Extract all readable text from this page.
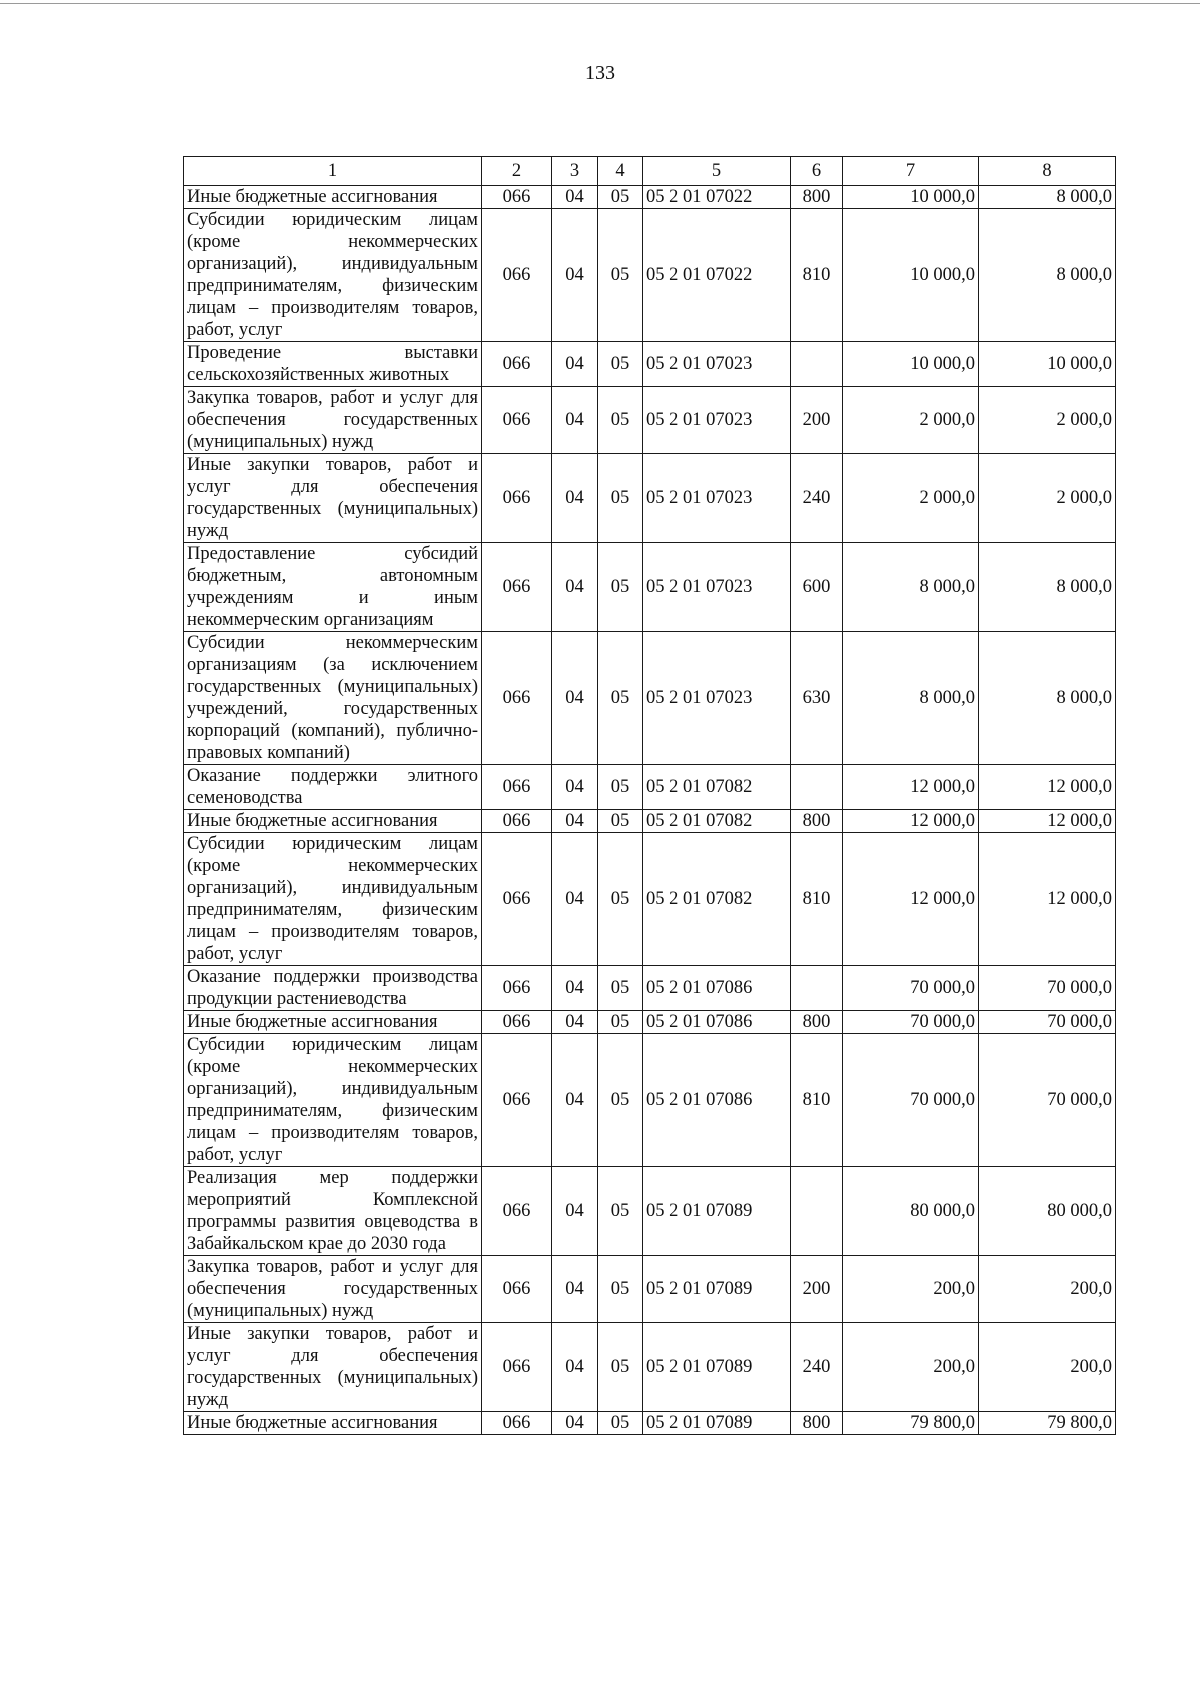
133
1	2	3	4	5	6	7	8
Иные бюджетные ассигнования	066	04	05	05 2 01 07022	800	10 000,0	8 000,0
Субсидии юридическим лицам (кроме некоммерческих организаций), индивидуальным предпринимателям, физическим лицам – производителям товаров, работ, услуг	066	04	05	05 2 01 07022	810	10 000,0	8 000,0
Проведение выставки сельскохозяйственных животных	066	04	05	05 2 01 07023		10 000,0	10 000,0
Закупка товаров, работ и услуг для обеспечения государственных (муниципальных) нужд	066	04	05	05 2 01 07023	200	2 000,0	2 000,0
Иные закупки товаров, работ и услуг для обеспечения государственных (муниципальных) нужд	066	04	05	05 2 01 07023	240	2 000,0	2 000,0
Предоставление субсидий бюджетным, автономным учреждениям и иным некоммерческим организациям	066	04	05	05 2 01 07023	600	8 000,0	8 000,0
Субсидии некоммерческим организациям (за исключением государственных (муниципальных) учреждений, государственных корпораций (компаний), публично-правовых компаний)	066	04	05	05 2 01 07023	630	8 000,0	8 000,0
Оказание поддержки элитного семеноводства	066	04	05	05 2 01 07082		12 000,0	12 000,0
Иные бюджетные ассигнования	066	04	05	05 2 01 07082	800	12 000,0	12 000,0
Субсидии юридическим лицам (кроме некоммерческих организаций), индивидуальным предпринимателям, физическим лицам – производителям товаров, работ, услуг	066	04	05	05 2 01 07082	810	12 000,0	12 000,0
Оказание поддержки производства продукции растениеводства	066	04	05	05 2 01 07086		70 000,0	70 000,0
Иные бюджетные ассигнования	066	04	05	05 2 01 07086	800	70 000,0	70 000,0
Субсидии юридическим лицам (кроме некоммерческих организаций), индивидуальным предпринимателям, физическим лицам – производителям товаров, работ, услуг	066	04	05	05 2 01 07086	810	70 000,0	70 000,0
Реализация мер поддержки мероприятий Комплексной программы развития овцеводства в Забайкальском крае до 2030 года	066	04	05	05 2 01 07089		80 000,0	80 000,0
Закупка товаров, работ и услуг для обеспечения государственных (муниципальных) нужд	066	04	05	05 2 01 07089	200	200,0	200,0
Иные закупки товаров, работ и услуг для обеспечения государственных (муниципальных) нужд	066	04	05	05 2 01 07089	240	200,0	200,0
Иные бюджетные ассигнования	066	04	05	05 2 01 07089	800	79 800,0	79 800,0
